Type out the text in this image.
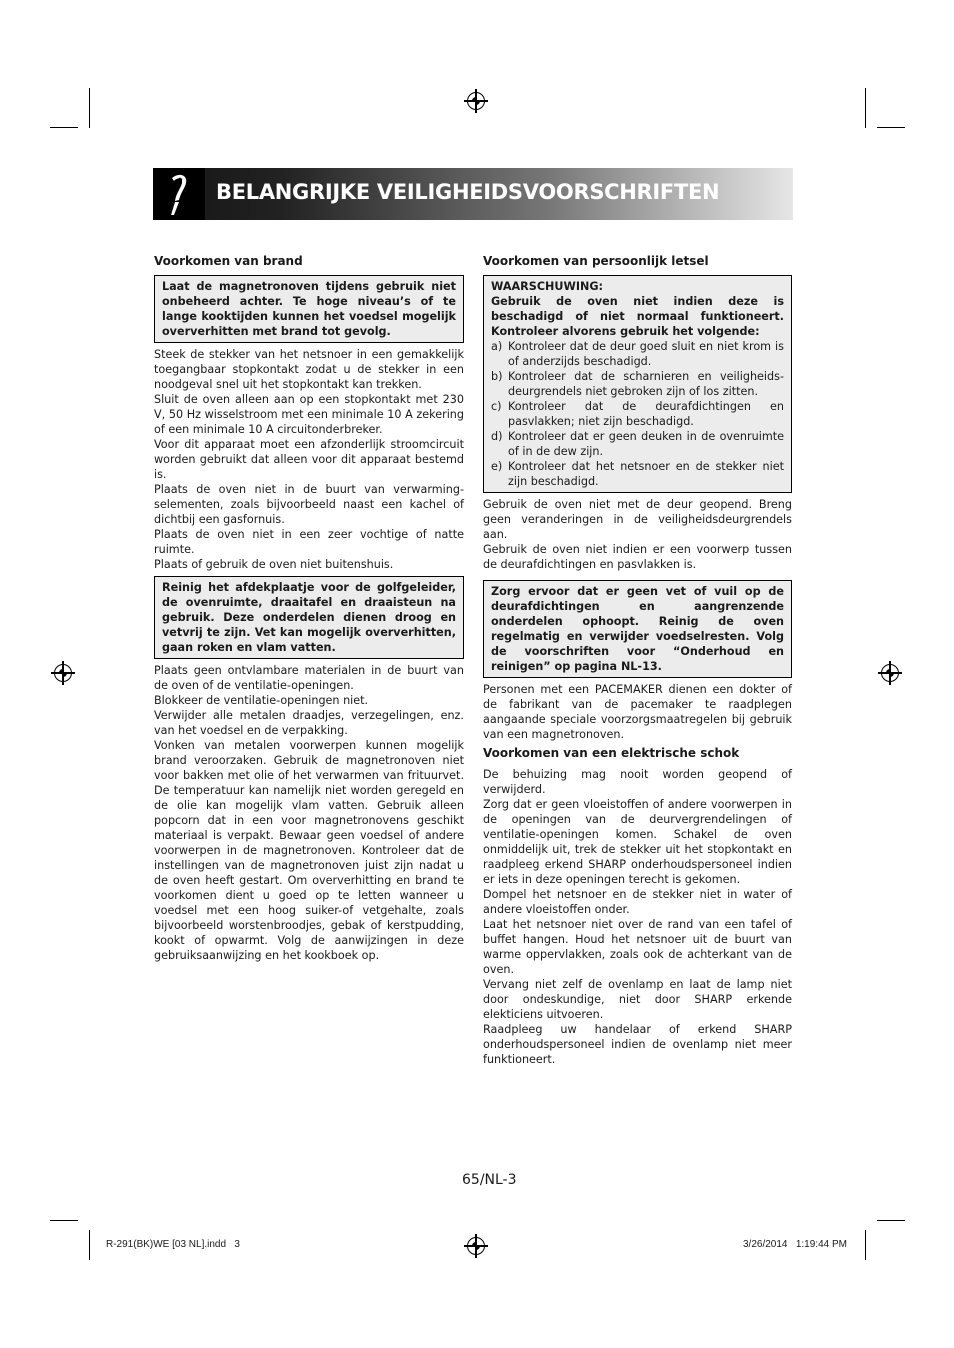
BELANGRIJKE VEILIGHEIDSVOORSCHRIFTEN

Voorkomen van brand

Laat de magnetronoven tijdens gebruik niet onbeheerd achter. Te hoge niveau’s of te lange kooktijden kunnen het voedsel mogelijk oververhitten met brand tot gevolg.

Steek de stekker van het netsnoer in een gemakkelijk toegangbaar stopkontakt zodat u de stekker in een noodgeval snel uit het stopkontakt kan trekken.

Sluit de oven alleen aan op een stopkontakt met 230 V, 50 Hz wisselstroom met een minimale 10 A zekering of een minimale 10 A circuitonderbreker.

Voor dit apparaat moet een afzonderlijk stroomcircuit worden gebruikt dat alleen voor dit apparaat bestemd is.

Plaats de oven niet in de buurt van verwarming-selementen, zoals bijvoorbeeld naast een kachel of dichtbij een gasfornuis.

Plaats de oven niet in een zeer vochtige of natte ruimte.

Plaats of gebruik de oven niet buitenshuis.

Reinig het afdekplaatje voor de golfgeleider, de ovenruimte, draaitafel en draaisteun na gebruik. Deze onderdelen dienen droog en vetvrij te zijn. Vet kan mogelijk oververhitten, gaan roken en vlam vatten.

Plaats geen ontvlambare materialen in de buurt van de oven of de ventilatie-openingen.

Blokkeer de ventilatie-openingen niet.

Verwijder alle metalen draadjes, verzegelingen, enz. van het voedsel en de verpakking.

Vonken van metalen voorwerpen kunnen mogelijk brand veroorzaken. Gebruik de magnetronoven niet voor bakken met olie of het verwarmen van frituurvet. De temperatuur kan namelijk niet worden geregeld en de olie kan mogelijk vlam vatten. Gebruik alleen popcorn dat in een voor magnetronovens geschikt materiaal is verpakt. Bewaar geen voedsel of andere voorwerpen in de magnetronoven. Kontroleer dat de instellingen van de magnetronoven juist zijn nadat u de oven heeft gestart. Om oververhitting en brand te voorkomen dient u goed op te letten wanneer u voedsel met een hoog suiker-of vetgehalte, zoals bijvoorbeeld worstenbroodjes, gebak of kerstpudding, kookt of opwarmt. Volg de aanwijzingen in deze gebruiksaanwijzing en het kookboek op.

Voorkomen van persoonlijk letsel

WAARSCHUWING:

Gebruik de oven niet indien deze is beschadigd of niet normaal funktioneert. Kontroleer alvorens gebruik het volgende:

a) Kontroleer dat de deur goed sluit en niet krom is of anderzijds beschadigd.
b) Kontroleer dat de scharnieren en veiligheids-deurgrendels niet gebroken zijn of los zitten.
c) Kontroleer dat de deurafdichtingen en pasvlakken; niet zijn beschadigd.
d) Kontroleer dat er geen deuken in de ovenruimte of in de dew zijn.
e) Kontroleer dat het netsnoer en de stekker niet zijn beschadigd.

Gebruik de oven niet met de deur geopend. Breng geen veranderingen in de veiligheidsdeurgrendels aan.

Gebruik de oven niet indien er een voorwerp tussen de deurafdichtingen en pasvlakken is.

Zorg ervoor dat er geen vet of vuil op de deurafdichtingen en aangrenzende onderdelen ophoopt. Reinig de oven regelmatig en verwijder voedselresten. Volg de voorschriften voor “Onderhoud en reinigen” op pagina NL-13.

Personen met een PACEMAKER dienen een dokter of de fabrikant van de pacemaker te raadplegen aangaande speciale voorzorgsmaatregelen bij gebruik van een magnetronoven.

Voorkomen van een elektrische schok

De behuizing mag nooit worden geopend of verwijderd.

Zorg dat er geen vloeistoffen of andere voorwerpen in de openingen van de deurvergrendelingen of ventilatie-openingen komen. Schakel de oven onmiddelijk uit, trek de stekker uit het stopkontakt en raadpleeg erkend SHARP onderhoudspersoneel indien er iets in deze openingen terecht is gekomen.

Dompel het netsnoer en de stekker niet in water of andere vloeistoffen onder.

Laat het netsnoer niet over de rand van een tafel of buffet hangen. Houd het netsnoer uit de buurt van warme oppervlakken, zoals ook de achterkant van de oven.

Vervang niet zelf de ovenlamp en laat de lamp niet door ondeskundige, niet door SHARP erkende elekticiens uitvoeren.

Raadpleeg uw handelaar of erkend SHARP onderhoudspersoneel indien de ovenlamp niet meer funktioneert.

65/NL-3
R-291(BK)WE [03 NL].indd   3	3/26/2014   1:19:44 PM
